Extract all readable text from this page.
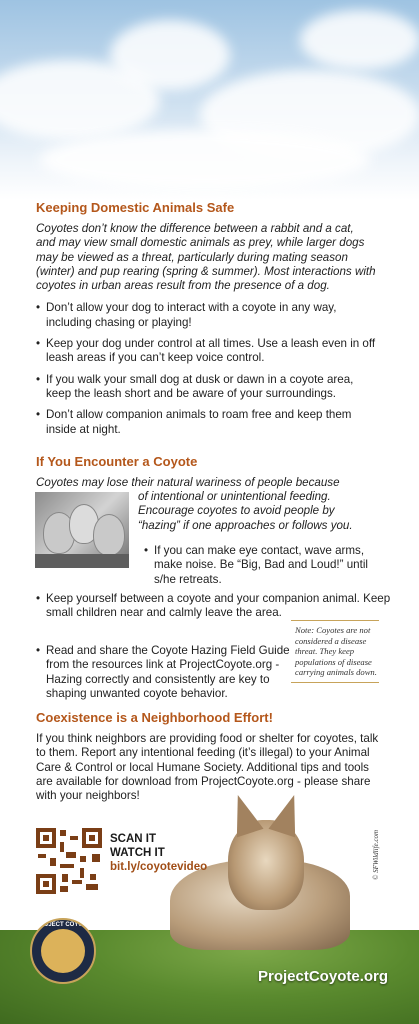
Keeping Domestic Animals Safe

Coyotes don’t know the difference between a rabbit and a cat, and may view small domestic animals as prey, while larger dogs may be viewed as a threat, particularly during mating season (winter) and pup rearing (spring & summer). Most interactions with coyotes in urban areas result from the presence of a dog.

• Don’t allow your dog to interact with a coyote in any way, including chasing or playing!

• Keep your dog under control at all times. Use a leash even in off leash areas if you can’t keep voice control.

• If you walk your small dog at dusk or dawn in a coyote area, keep the leash short and be aware of your surroundings.

• Don’t allow companion animals to roam free and keep them inside at night.

If You Encounter a Coyote

Coyotes may lose their natural wariness of people because

of intentional or unintentional feeding. Encourage coyotes to avoid people by “hazing” if one approaches or follows you.

• If you can make eye contact, wave arms, make noise. Be “Big, Bad and Loud!” until s/he retreats.

• Keep yourself between a coyote and your companion animal. Keep small children near and calmly leave the area.

• Read and share the Coyote Hazing Field Guide from the resources link at ProjectCoyote.org - Hazing correctly and consistently are key to shaping unwanted coyote behavior.

Note: Coyotes are not considered a disease threat. They keep populations of disease carrying animals down.
Coexistence is a Neighborhood Effort!

If you think neighbors are providing food or shelter for coyotes, talk to them. Report any intentional feeding (it’s illegal) to your Animal Care & Control or local Humane Society. Additional tips and tools are available for download from ProjectCoyote.org - please share with your neighbors!

SCAN IT
WATCH IT
bit.ly/coyotevideo
PROJECT COYOTE
© SFWildlife.com
ProjectCoyote.org
